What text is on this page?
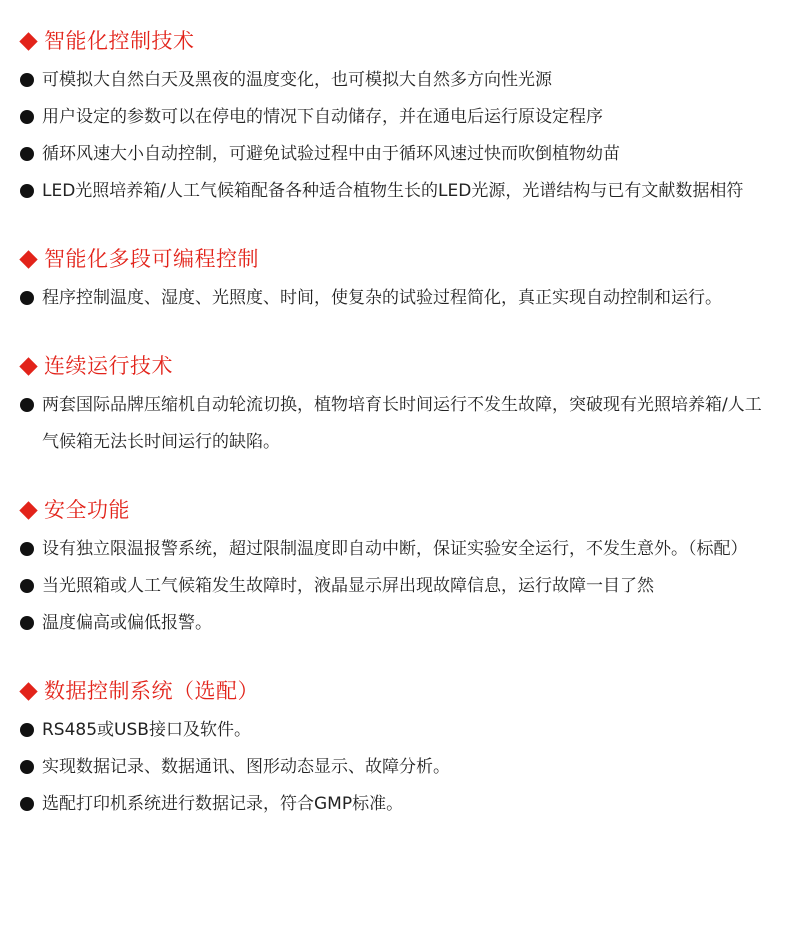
智能化控制技术
可模拟大自然白天及黑夜的温度变化，也可模拟大自然多方向性光源
用户设定的参数可以在停电的情况下自动储存，并在通电后运行原设定程序
循环风速大小自动控制，可避免试验过程中由于循环风速过快而吹倒植物幼苗
LED光照培养箱/人工气候箱配备各种适合植物生长的LED光源，光谱结构与已有文献数据相符
智能化多段可编程控制
程序控制温度、湿度、光照度、时间，使复杂的试验过程简化，真正实现自动控制和运行。
连续运行技术
两套国际品牌压缩机自动轮流切换，植物培育长时间运行不发生故障，突破现有光照培养箱/人工气候箱无法长时间运行的缺陷。
安全功能
设有独立限温报警系统，超过限制温度即自动中断，保证实验安全运行，不发生意外。（标配）
当光照箱或人工气候箱发生故障时，液晶显示屏出现故障信息，运行故障一目了然
温度偏高或偏低报警。
数据控制系统（选配）
RS485或USB接口及软件。
实现数据记录、数据通讯、图形动态显示、故障分析。
选配打印机系统进行数据记录，符合GMP标准。
